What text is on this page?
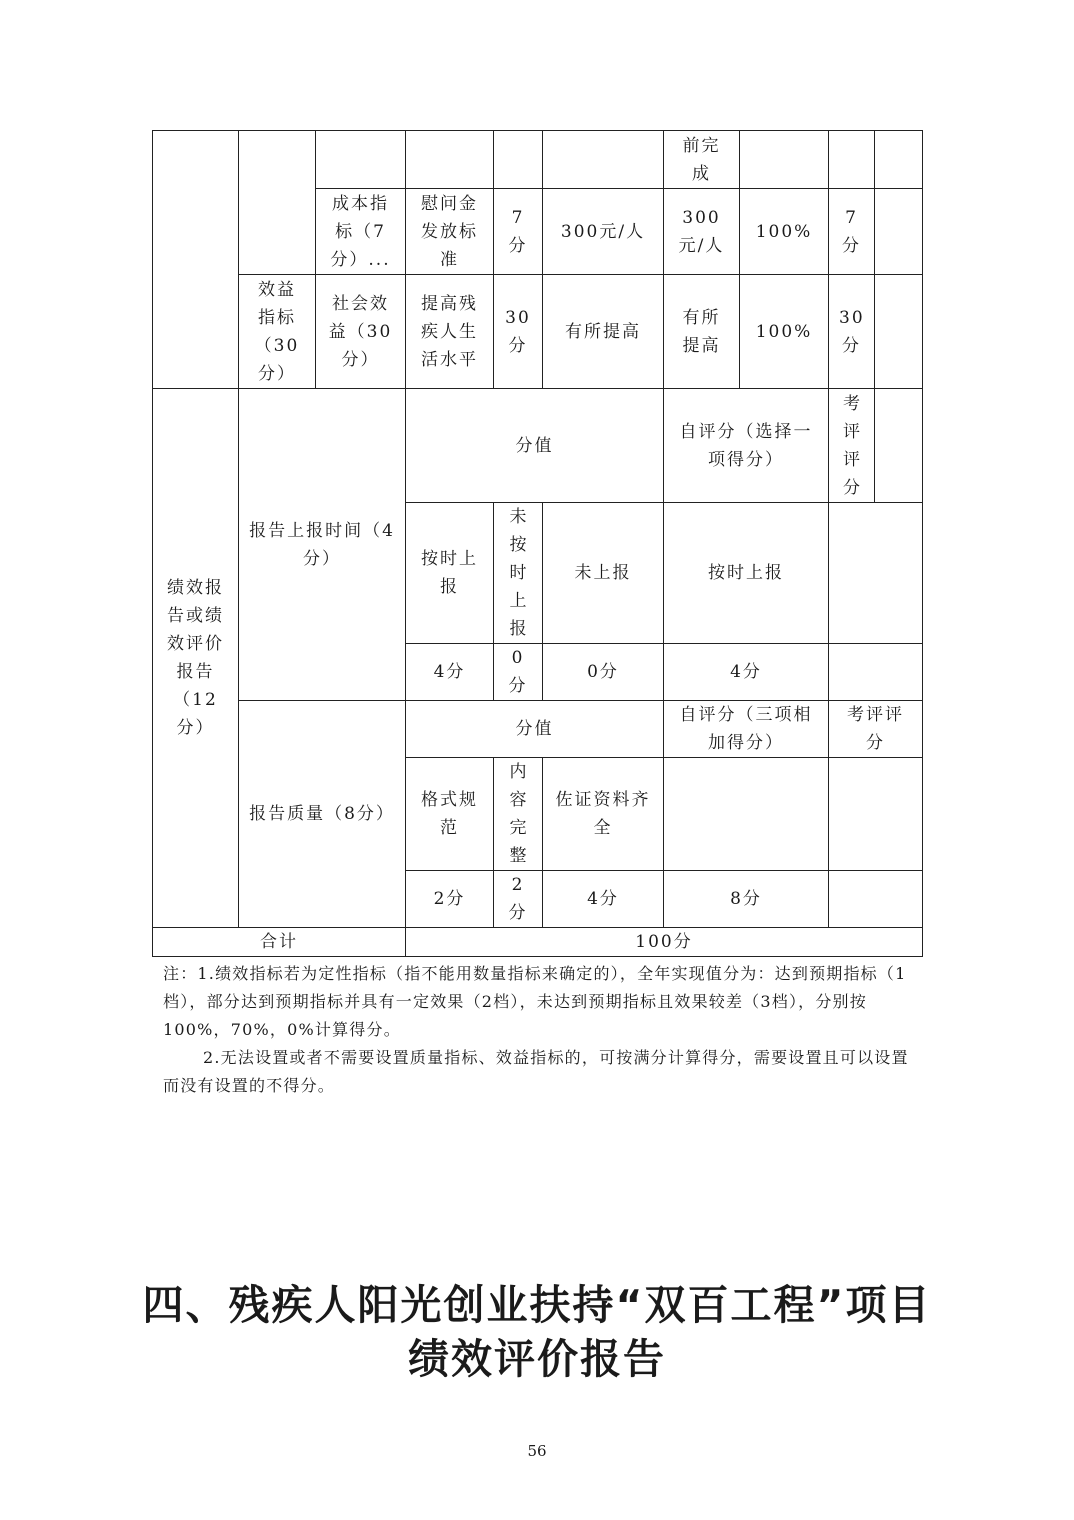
						前完成			
		成本指标（7分）...	慰问金发放标准	7分	300元/人	300元/人	100%	7分	
	效益指标（30分）	社会效益（30分）	提高残疾人生活水平	30分	有所提高	有所提高	100%	30分	
绩效报告或绩效评价报告（12分）	报告上报时间（4分）		分值			自评分（选择一项得分）		考评评分	
			按时上报	未按时上报	未上报	按时上报			
			4分	0分	0分	4分			
	报告质量（8分）		分值			自评分（三项相加得分）		考评评分	
			格式规范	内容完整	佐证资料齐全				
			2分	2分	4分	8分			
合计			100分						

注：1.绩效指标若为定性指标（指不能用数量指标来确定的），全年实现值分为：达到预期指标（1档），部分达到预期指标并具有一定效果（2档），未达到预期指标且效果较差（3档），分别按100%，70%，0%计算得分。

2.无法设置或者不需要设置质量指标、效益指标的，可按满分计算得分，需要设置且可以设置而没有设置的不得分。

四、残疾人阳光创业扶持“双百工程”项目
绩效评价报告
56
